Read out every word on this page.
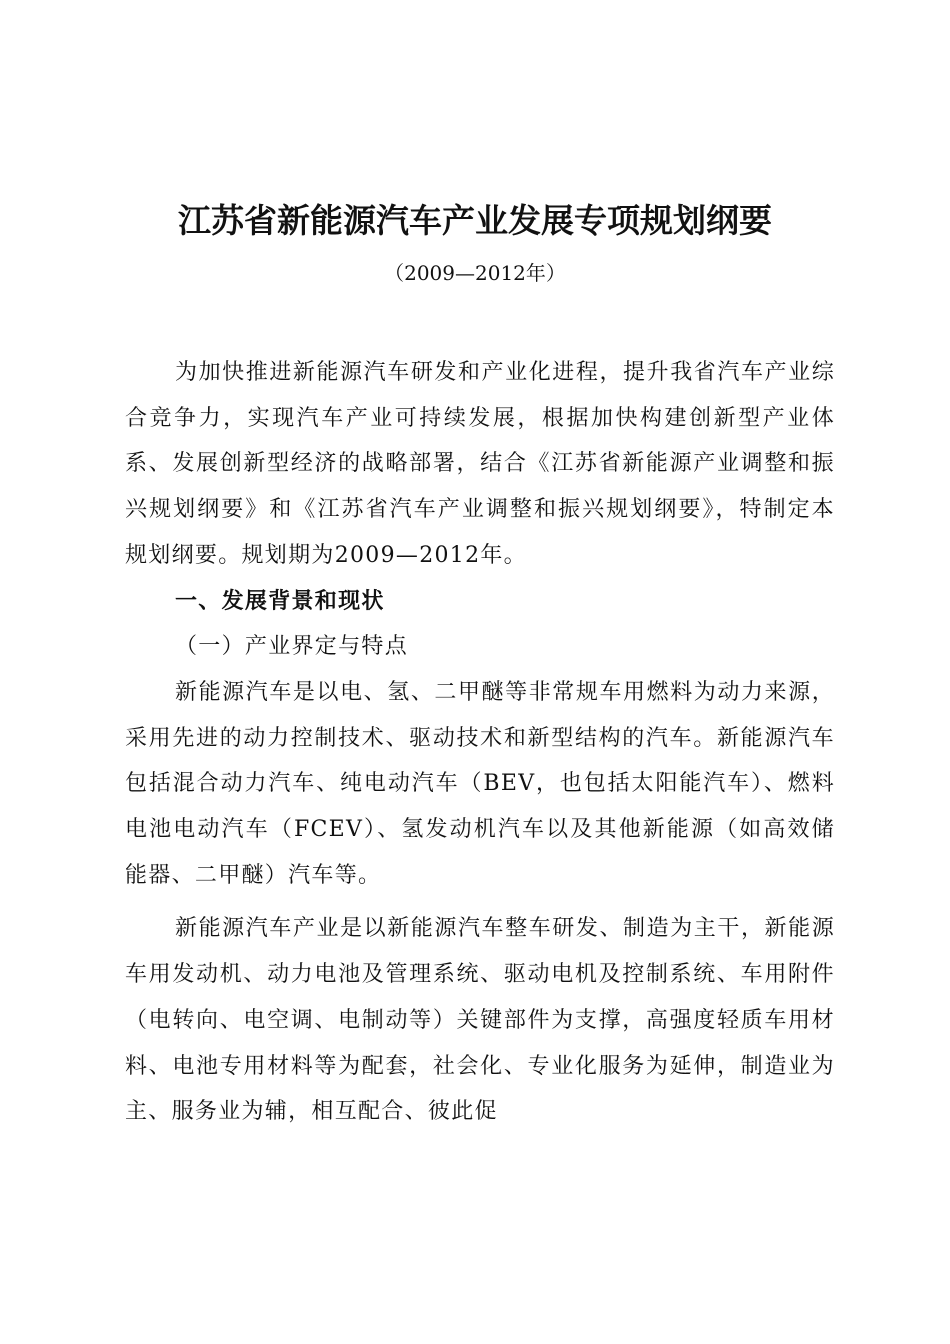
江苏省新能源汽车产业发展专项规划纲要
（2009—2012年）

为加快推进新能源汽车研发和产业化进程，提升我省汽车产业综合竞争力，实现汽车产业可持续发展，根据加快构建创新型产业体系、发展创新型经济的战略部署，结合《江苏省新能源产业调整和振兴规划纲要》和《江苏省汽车产业调整和振兴规划纲要》，特制定本规划纲要。规划期为2009—2012年。

一、发展背景和现状

（一）产业界定与特点

新能源汽车是以电、氢、二甲醚等非常规车用燃料为动力来源，采用先进的动力控制技术、驱动技术和新型结构的汽车。新能源汽车包括混合动力汽车、纯电动汽车（BEV，也包括太阳能汽车）、燃料电池电动汽车（FCEV）、氢发动机汽车以及其他新能源（如高效储能器、二甲醚）汽车等。

新能源汽车产业是以新能源汽车整车研发、制造为主干，新能源车用发动机、动力电池及管理系统、驱动电机及控制系统、车用附件（电转向、电空调、电制动等）关键部件为支撑，高强度轻质车用材料、电池专用材料等为配套，社会化、专业化服务为延伸，制造业为主、服务业为辅，相互配合、彼此促
